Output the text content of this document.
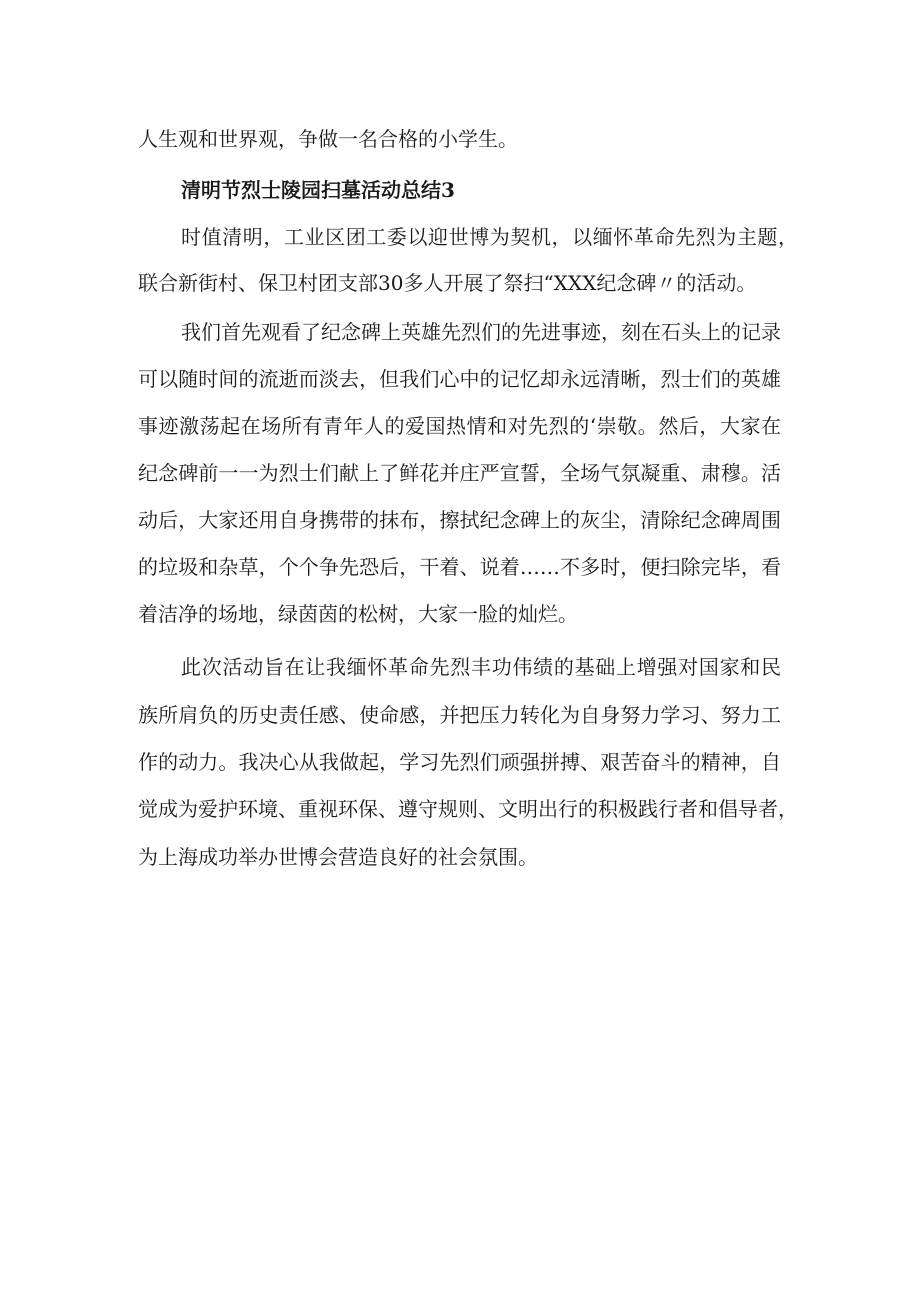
人生观和世界观，争做一名合格的小学生。
清明节烈士陵园扫墓活动总结3
时值清明，工业区团工委以迎世博为契机，以缅怀革命先烈为主题，
联合新街村、保卫村团支部30多人开展了祭扫“XXX纪念碑〃的活动。
我们首先观看了纪念碑上英雄先烈们的先进事迹，刻在石头上的记录
可以随时间的流逝而淡去，但我们心中的记忆却永远清晰，烈士们的英雄
事迹激荡起在场所有青年人的爱国热情和对先烈的‘崇敬。然后，大家在
纪念碑前一一为烈士们献上了鲜花并庄严宣誓，全场气氛凝重、肃穆。活
动后，大家还用自身携带的抹布，擦拭纪念碑上的灰尘，清除纪念碑周围
的垃圾和杂草，个个争先恐后，干着、说着……不多时，便扫除完毕，看
着洁净的场地，绿茵茵的松树，大家一脸的灿烂。
此次活动旨在让我缅怀革命先烈丰功伟绩的基础上增强对国家和民
族所肩负的历史责任感、使命感，并把压力转化为自身努力学习、努力工
作的动力。我决心从我做起，学习先烈们顽强拼搏、艰苦奋斗的精神，自
觉成为爱护环境、重视环保、遵守规则、文明出行的积极践行者和倡导者，
为上海成功举办世博会营造良好的社会氛围。
